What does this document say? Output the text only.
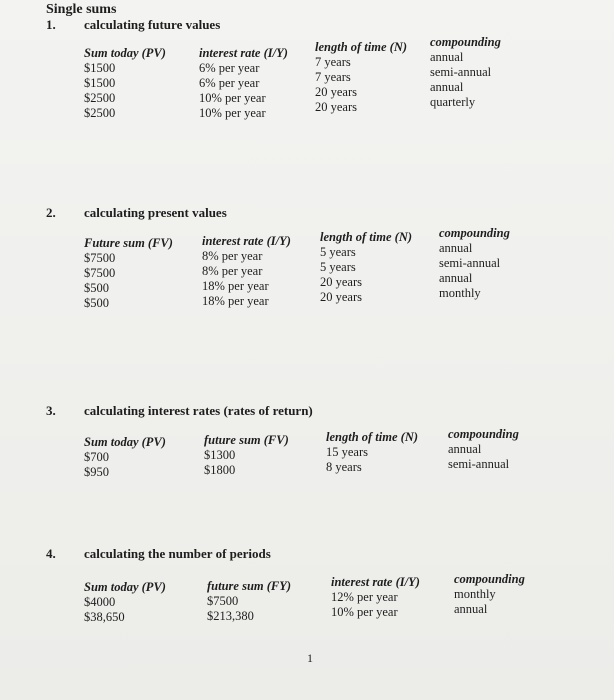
Single sums
1. calculating future values
Sum today (PV)
$1500
$1500
$2500
$2500
interest rate (I/Y)
6% per year
6% per year
10% per year
10% per year
length of time (N)
7 years
7 years
20 years
20 years
compounding
annual
semi-annual
annual
quarterly
2. calculating present values
Future sum (FV)
$7500
$7500
$500
$500
interest rate (I/Y)
8% per year
8% per year
18% per year
18% per year
length of time (N)
5 years
5 years
20 years
20 years
compounding
annual
semi-annual
annual
monthly
3. calculating interest rates (rates of return)
Sum today (PV)
$700
$950
future sum (FV)
$1300
$1800
length of time (N)
15 years
8 years
compounding
annual
semi-annual
4. calculating the number of periods
Sum today (PV)
$4000
$38,650
future sum (FY)
$7500
$213,380
interest rate (I/Y)
12% per year
10% per year
compounding
monthly
annual
1
